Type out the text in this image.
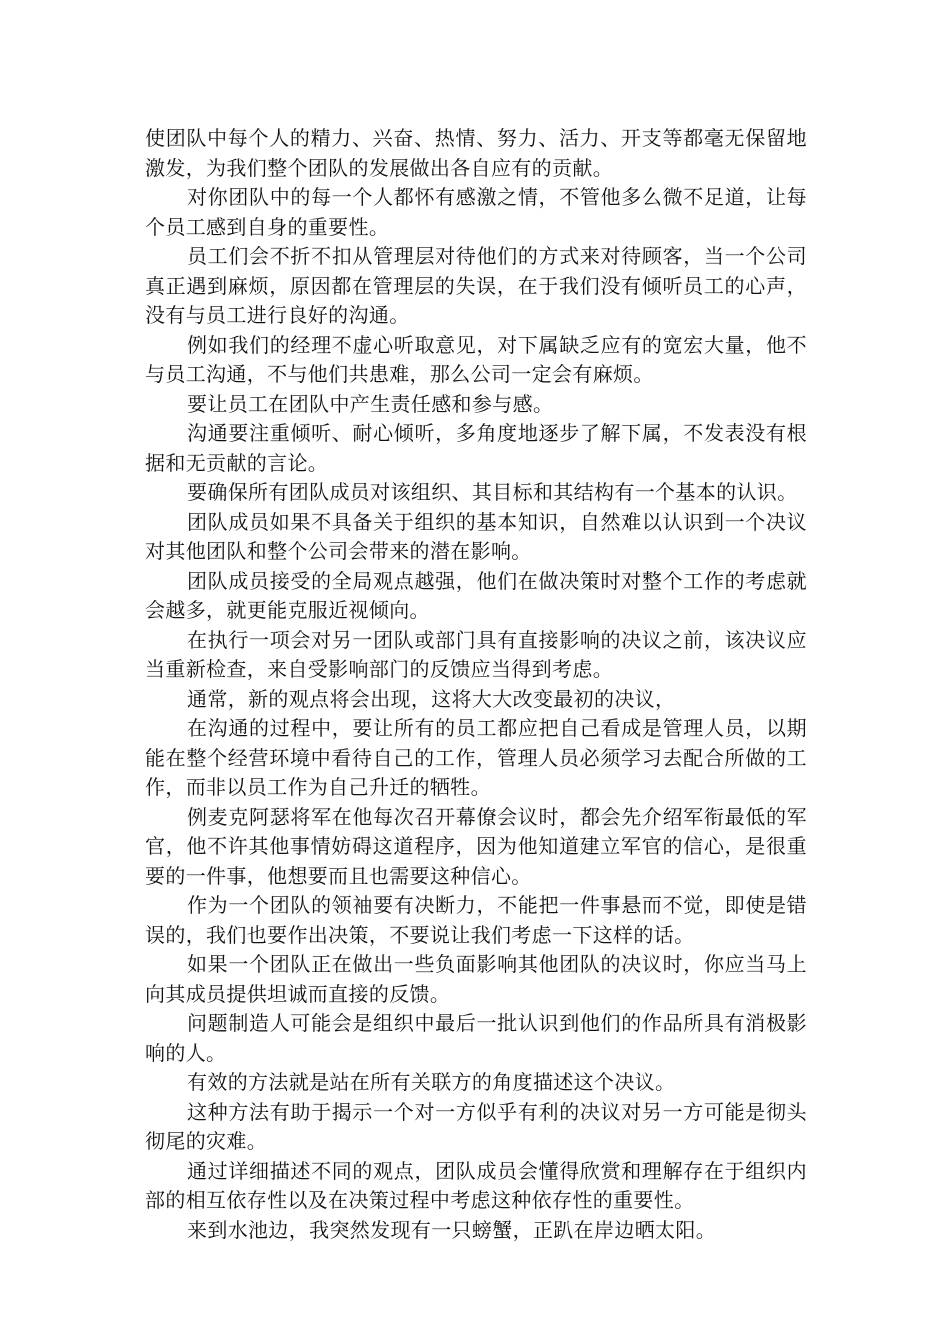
使团队中每个人的精力、兴奋、热情、努力、活力、开支等都毫无保留地激发，为我们整个团队的发展做出各自应有的贡献。

对你团队中的每一个人都怀有感激之情，不管他多么微不足道，让每个员工感到自身的重要性。

员工们会不折不扣从管理层对待他们的方式来对待顾客，当一个公司真正遇到麻烦，原因都在管理层的失误，在于我们没有倾听员工的心声，没有与员工进行良好的沟通。

例如我们的经理不虚心听取意见，对下属缺乏应有的宽宏大量，他不与员工沟通，不与他们共患难，那么公司一定会有麻烦。

要让员工在团队中产生责任感和参与感。

沟通要注重倾听、耐心倾听，多角度地逐步了解下属，不发表没有根据和无贡献的言论。

要确保所有团队成员对该组织、其目标和其结构有一个基本的认识。

团队成员如果不具备关于组织的基本知识，自然难以认识到一个决议对其他团队和整个公司会带来的潜在影响。

团队成员接受的全局观点越强，他们在做决策时对整个工作的考虑就会越多，就更能克服近视倾向。

在执行一项会对另一团队或部门具有直接影响的决议之前，该决议应当重新检查，来自受影响部门的反馈应当得到考虑。

通常，新的观点将会出现，这将大大改变最初的决议，

在沟通的过程中，要让所有的员工都应把自己看成是管理人员，以期能在整个经营环境中看待自己的工作，管理人员必须学习去配合所做的工作，而非以员工作为自己升迁的牺牲。

例麦克阿瑟将军在他每次召开幕僚会议时，都会先介绍军衔最低的军官，他不许其他事情妨碍这道程序，因为他知道建立军官的信心，是很重要的一件事，他想要而且也需要这种信心。

作为一个团队的领袖要有决断力，不能把一件事悬而不觉，即使是错误的，我们也要作出决策，不要说让我们考虑一下这样的话。

如果一个团队正在做出一些负面影响其他团队的决议时，你应当马上向其成员提供坦诚而直接的反馈。

问题制造人可能会是组织中最后一批认识到他们的作品所具有消极影响的人。

有效的方法就是站在所有关联方的角度描述这个决议。

这种方法有助于揭示一个对一方似乎有利的决议对另一方可能是彻头彻尾的灾难。

通过详细描述不同的观点，团队成员会懂得欣赏和理解存在于组织内部的相互依存性以及在决策过程中考虑这种依存性的重要性。

来到水池边，我突然发现有一只螃蟹，正趴在岸边晒太阳。
